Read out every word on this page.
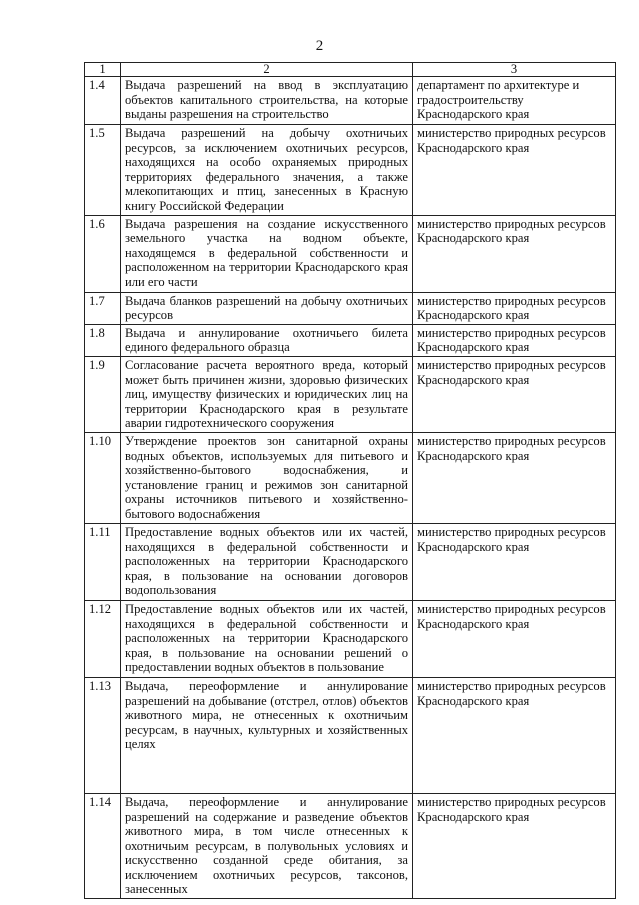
2
1	2	3
1.4	Выдача разрешений на ввод в эксплуатацию объектов капитального строительства, на которые выданы разрешения на строительство	департамент по архитектуре и градостроительству Краснодарского края
1.5	Выдача разрешений на добычу охотничьих ресурсов, за исключением охотничьих ресурсов, находящихся на особо охраняемых природных территориях федерального значения, а также млекопитающих и птиц, занесенных в Красную книгу Российской Федерации	министерство природных ресурсов Краснодарского края
1.6	Выдача разрешения на создание искусственного земельного участка на водном объекте, находящемся в федеральной собственности и расположенном на территории Краснодарского края или его части	министерство природных ресурсов Краснодарского края
1.7	Выдача бланков разрешений на добычу охотничьих ресурсов	министерство природных ресурсов Краснодарского края
1.8	Выдача и аннулирование охотничьего билета единого федерального образца	министерство природных ресурсов Краснодарского края
1.9	Согласование расчета вероятного вреда, который может быть причинен жизни, здоровью физических лиц, имуществу физических и юридических лиц на территории Краснодарского края в результате аварии гидротехнического сооружения	министерство природных ресурсов Краснодарского края
1.10	Утверждение проектов зон санитарной охраны водных объектов, используемых для питьевого и хозяйственно-бытового водоснабжения, и установление границ и режимов зон санитарной охраны источников питьевого и хозяйственно-бытового водоснабжения	министерство природных ресурсов Краснодарского края
1.11	Предоставление водных объектов или их частей, находящихся в федеральной собственности и расположенных на территории Краснодарского края, в пользование на основании договоров водопользования	министерство природных ресурсов Краснодарского края
1.12	Предоставление водных объектов или их частей, находящихся в федеральной собственности и расположенных на территории Краснодарского края, в пользование на основании решений о предоставлении водных объектов в пользование	министерство природных ресурсов Краснодарского края
1.13	Выдача, переоформление и аннулирование разрешений на добывание (отстрел, отлов) объектов животного мира, не отнесенных к охотничьим ресурсам, в научных, культурных и хозяйственных целях	министерство природных ресурсов Краснодарского края
1.14	Выдача, переоформление и аннулирование разрешений на содержание и разведение объектов животного мира, в том числе отнесенных к охотничьим ресурсам, в полувольных условиях и искусственно созданной среде обитания, за исключением охотничьих ресурсов, таксонов, занесенных	министерство природных ресурсов Краснодарского края
